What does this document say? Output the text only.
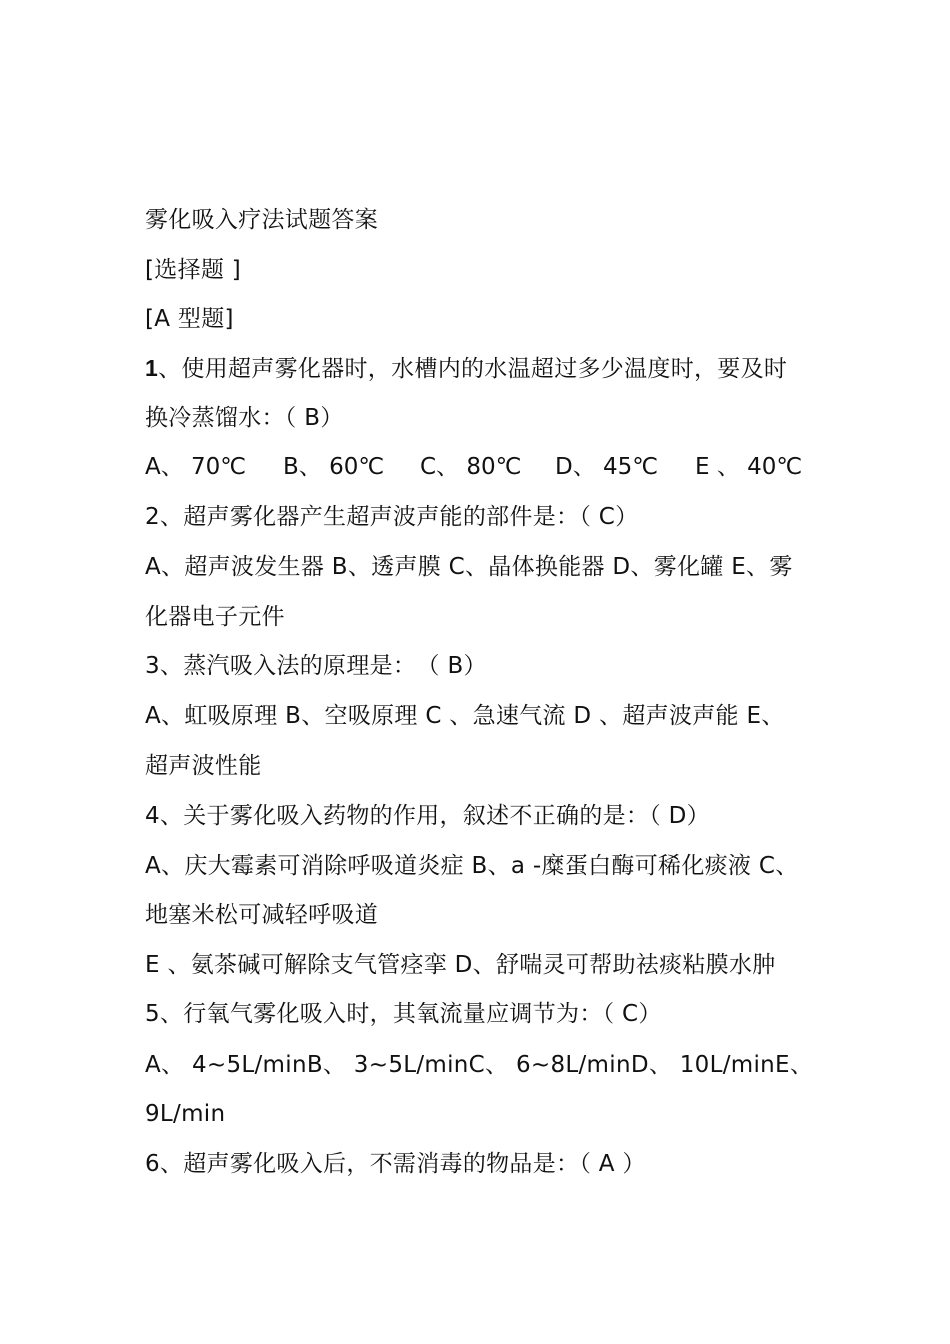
雾化吸入疗法试题答案
[选择题 ]
[A 型题]
1、使用超声雾化器时，水槽内的水温超过多少温度时，要及时
换冷蒸馏水：（ B）
A、 70℃ B、 60℃ C、 80℃ D、 45℃ E 、 40℃
2、超声雾化器产生超声波声能的部件是：（ C）
A、超声波发生器 B、透声膜 C、晶体换能器 D、雾化罐 E、雾
化器电子元件
3、蒸汽吸入法的原理是：　（ B）
A、虹吸原理 B、空吸原理 C 、急速气流 D 、超声波声能 E、
超声波性能
4、关于雾化吸入药物的作用，叙述不正确的是：（ D）
A、庆大霉素可消除呼吸道炎症 B、a -糜蛋白酶可稀化痰液 C、
地塞米松可减轻呼吸道
E 、氨茶碱可解除支气管痉挛 D、舒喘灵可帮助祛痰粘膜水肿
5、行氧气雾化吸入时，其氧流量应调节为：（ C）
A、 4~5L/minB、 3~5L/minC、 6~8L/minD、 10L/minE、
9L/min
6、超声雾化吸入后，不需消毒的物品是：（ A ）
